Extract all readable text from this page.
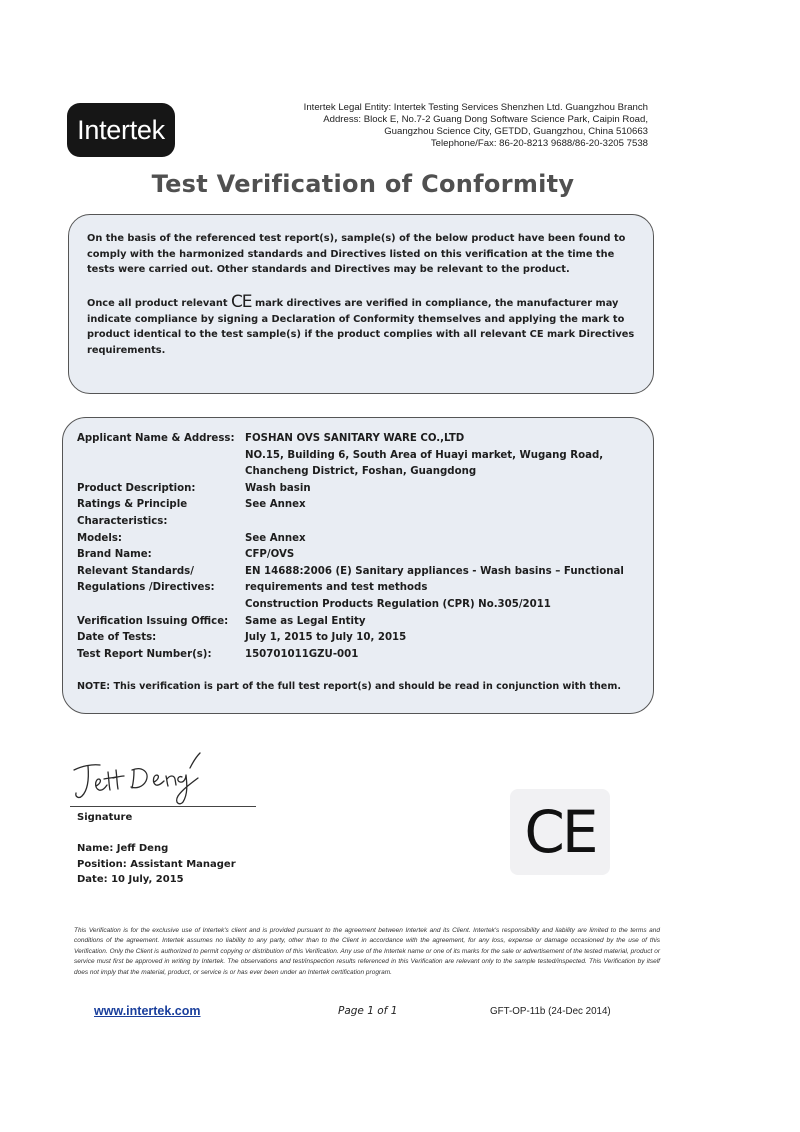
Intertek
Intertek Legal Entity: Intertek Testing Services Shenzhen Ltd. Guangzhou Branch
Address: Block E, No.7-2 Guang Dong Software Science Park, Caipin Road,
Guangzhou Science City, GETDD, Guangzhou, China 510663
Telephone/Fax: 86-20-8213 9688/86-20-3205 7538
Test Verification of Conformity

On the basis of the referenced test report(s), sample(s) of the below product have been found to comply with the harmonized standards and Directives listed on this verification at the time the tests were carried out. Other standards and Directives may be relevant to the product.

Once all product relevant CE mark directives are verified in compliance, the manufacturer may indicate compliance by signing a Declaration of Conformity themselves and applying the mark to product identical to the test sample(s) if the product complies with all relevant CE mark Directives requirements.

Applicant Name & Address: FOSHAN OVS SANITARY WARE CO.,LTD
NO.15, Building 6, South Area of Huayi market, Wugang Road,
Chancheng District, Foshan, Guangdong
Product Description:	Wash basin
Ratings & Principle	See Annex
Characteristics:
Models:	See Annex
Brand Name:	CFP/OVS
Relevant Standards/	EN 14688:2006 (E) Sanitary appliances - Wash basins – Functional
Regulations /Directives:	requirements and test methods
Construction Products Regulation (CPR) No.305/2011
Verification Issuing Office: Same as Legal Entity
Date of Tests:	July 1, 2015 to July 10, 2015
Test Report Number(s):	150701011GZU-001
NOTE: This verification is part of the full test report(s) and should be read in conjunction with them.
Signature
Name: Jeff Deng
Position: Assistant Manager
Date: 10 July, 2015
CE
This Verification is for the exclusive use of Intertek's client and is provided pursuant to the agreement between Intertek and its Client. Intertek's responsibility and liability are limited to the terms and conditions of the agreement. Intertek assumes no liability to any party, other than to the Client in accordance with the agreement, for any loss, expense or damage occasioned by the use of this Verification. Only the Client is authorized to permit copying or distribution of this Verification. Any use of the Intertek name or one of its marks for the sale or advertisement of the tested material, product or service must first be approved in writing by Intertek. The observations and test/inspection results referenced in this Verification are relevant only to the sample tested/inspected. This Verification by itself does not imply that the material, product, or service is or has ever been under an Intertek certification program.
www.intertek.com	Page 1 of 1	GFT-OP-11b (24-Dec 2014)
